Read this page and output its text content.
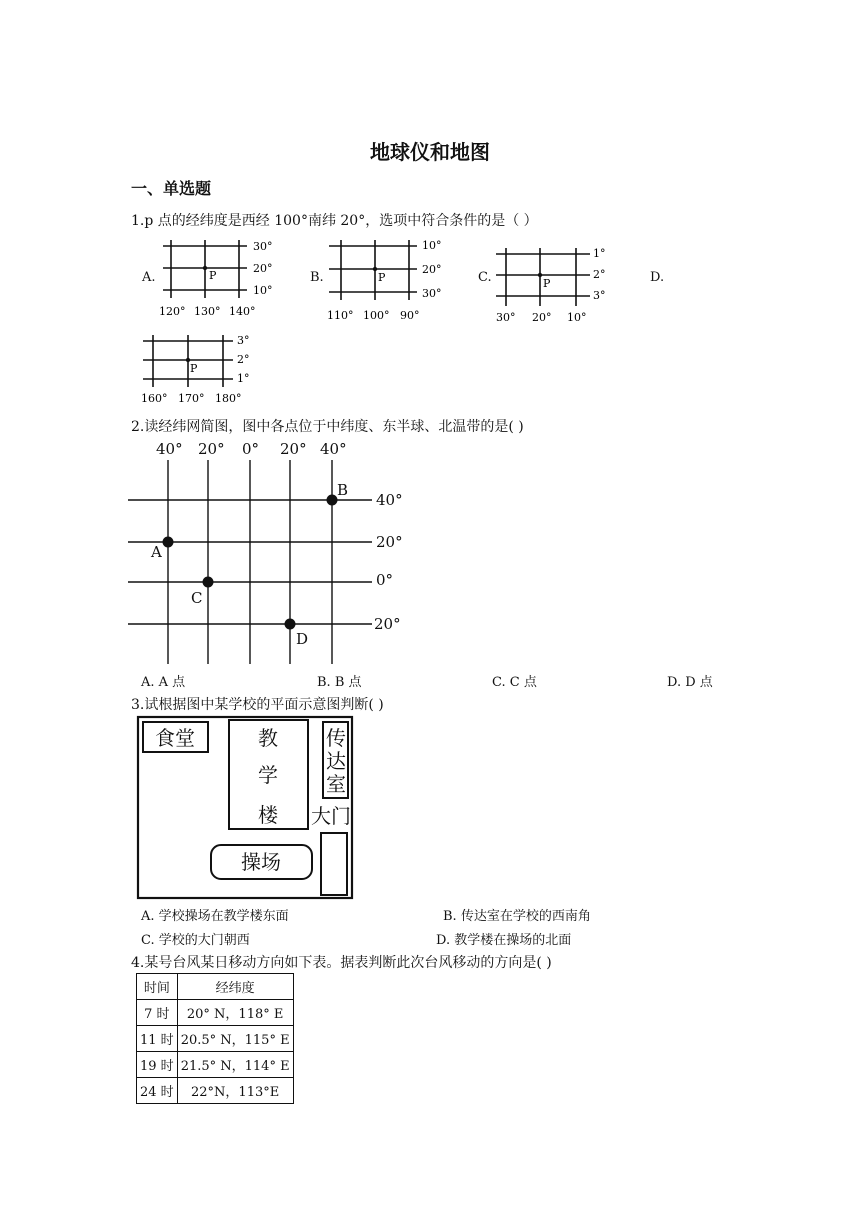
地球仪和地图
一、单选题
1.p 点的经纬度是西经 100°南纬 20°，选项中符合条件的是（ ）
A.	P
30°
20°
10°
120° 130° 140°
B.	P
10°
20°
30°
110° 100° 90°
C.	P
1°
2°
3°
30° 20° 10°
D.
P
3°
2°
1°
160° 170° 180°
2.读经纬网简图，图中各点位于中纬度、东半球、北温带的是( )
40° 20° 0° 20° 40°
40°
20°
0°
20°
A
B
C
D
A. A 点	B. B 点	C. C 点	D. D 点
3.试根据图中某学校的平面示意图判断( )
食堂	教
学
楼
传
达
室
大门
操场
A. 学校操场在教学楼东面	B. 传达室在学校的西南角
C. 学校的大门朝西	D. 教学楼在操场的北面
4.某号台风某日移动方向如下表。据表判断此次台风移动的方向是( )
时间	经纬度
7 时	20° N，118° E
11 时	20.5° N，115° E
19 时	21.5° N，114° E
24 时	22°N，113°E
